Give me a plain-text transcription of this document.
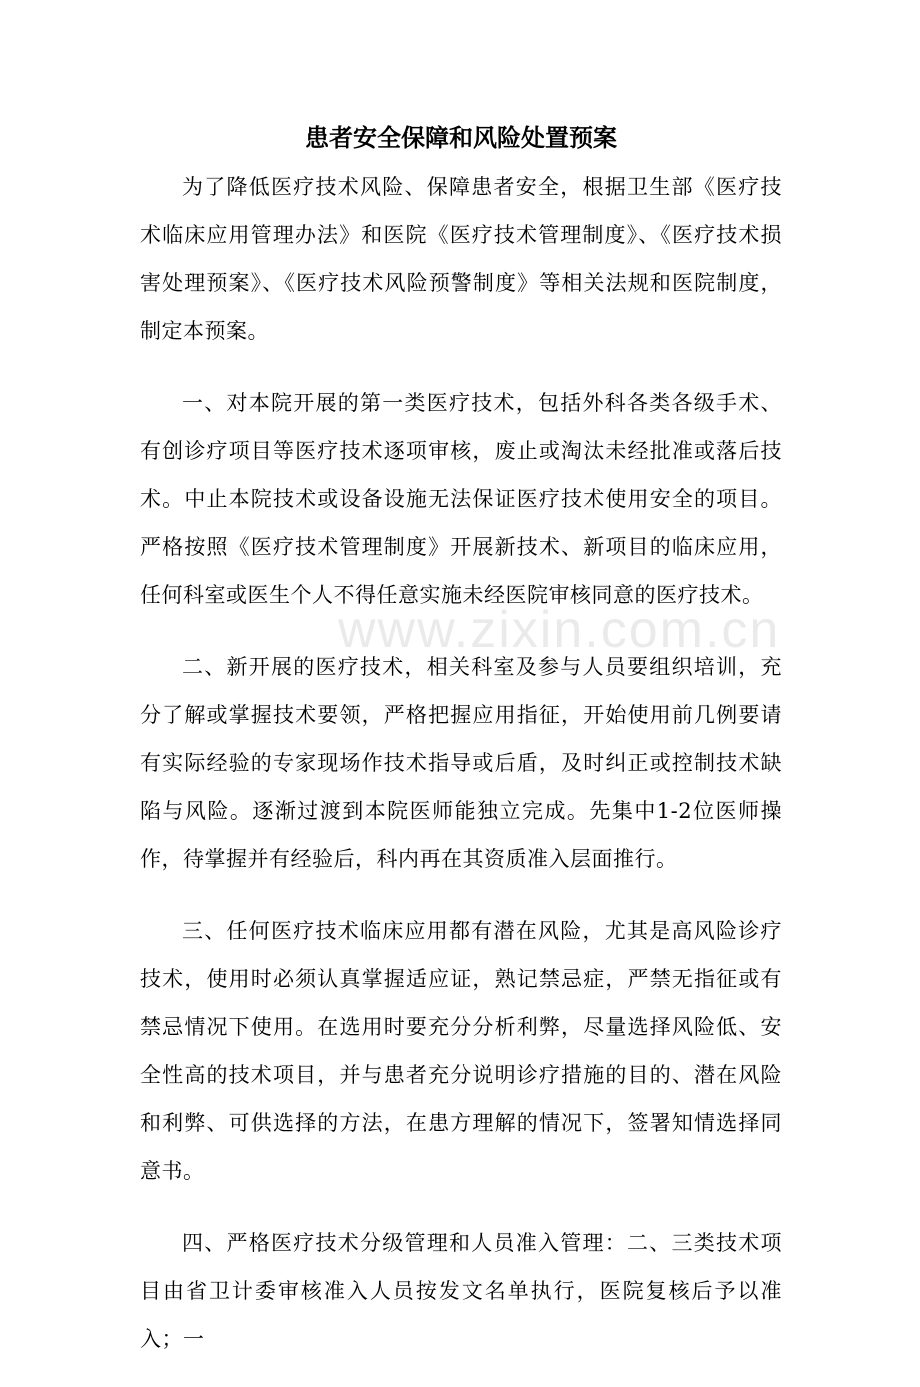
患者安全保障和风险处置预案

为了降低医疗技术风险、保障患者安全，根据卫生部《医疗技术临床应用管理办法》和医院《医疗技术管理制度》、《医疗技术损害处理预案》、《医疗技术风险预警制度》等相关法规和医院制度，制定本预案。

一、对本院开展的第一类医疗技术，包括外科各类各级手术、有创诊疗项目等医疗技术逐项审核，废止或淘汰未经批准或落后技术。中止本院技术或设备设施无法保证医疗技术使用安全的项目。严格按照《医疗技术管理制度》开展新技术、新项目的临床应用，任何科室或医生个人不得任意实施未经医院审核同意的医疗技术。

二、新开展的医疗技术，相关科室及参与人员要组织培训，充分了解或掌握技术要领，严格把握应用指征，开始使用前几例要请有实际经验的专家现场作技术指导或后盾，及时纠正或控制技术缺陷与风险。逐渐过渡到本院医师能独立完成。先集中1-2位医师操作，待掌握并有经验后，科内再在其资质准入层面推行。

三、任何医疗技术临床应用都有潜在风险，尤其是高风险诊疗技术，使用时必须认真掌握适应证，熟记禁忌症，严禁无指征或有禁忌情况下使用。在选用时要充分分析利弊，尽量选择风险低、安全性高的技术项目，并与患者充分说明诊疗措施的目的、潜在风险和利弊、可供选择的方法，在患方理解的情况下，签署知情选择同意书。

四、严格医疗技术分级管理和人员准入管理：二、三类技术项目由省卫计委审核准入人员按发文名单执行，医院复核后予以准入；一

www.zixin.com.cn
